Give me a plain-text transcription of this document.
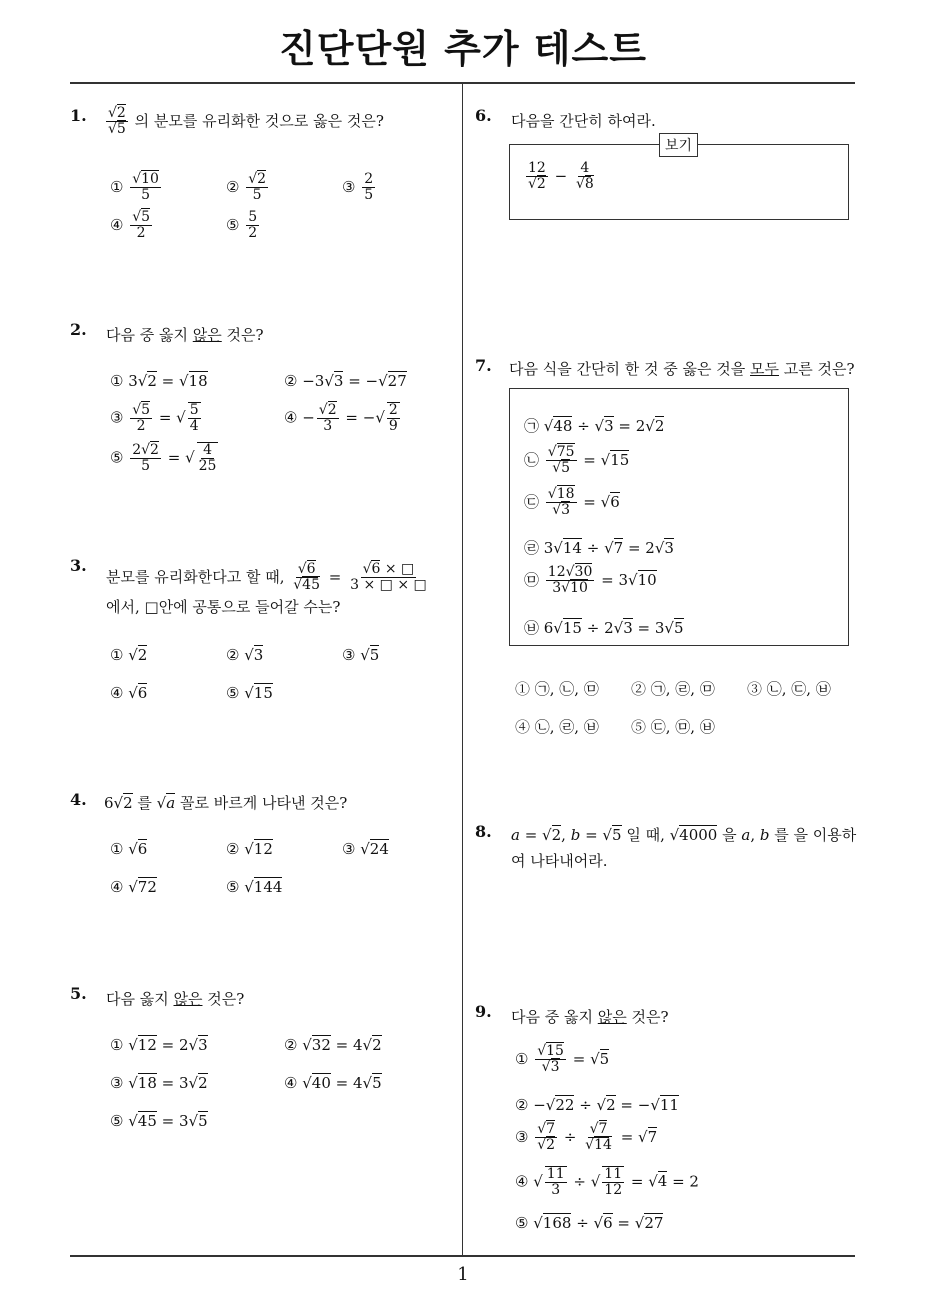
진단단원 추가 테스트
1
1. $\frac{√2}{√5}$ 의 분모를 유리화한 것으로 옳은 것은?
① $\frac{√10}{5}$	② $\frac{√2}{5}$	③ $\frac{2}{5}$
④ $\frac{√5}{2}$	⑤ $\frac{5}{2}$
2. 다음 중 옳지 않은 것은?
① 3√2 = √18	② −3√3 = −√27
③ $\frac{√5}{2}$ = √ $\frac{5}{4}$	④ − $\frac{√2}{3}$ = −√ $\frac{2}{9}$
⑤ $\frac{2√2}{5}$ = √ $\frac{4}{25}$
3.
분모를 유리화한다고 할 때, $\frac{√6}{√45} = \frac{√6 \times □}{3 \times □ \times □}$
에서, □안에 공통으로 들어갈 수는?
① √2	② √3	③ √5
④ √6	⑤ √15
4. 6√2 를 √a 꼴로 바르게 나타낸 것은?
① √6	② √12	③ √24
④ √72	⑤ √144
5. 다음 옳지 않은 것은?
① √12 = 2√3	② √32 = 4√2
③ √18 = 3√2	④ √40 = 4√5
⑤ √45 = 3√5
6. 다음을 간단히 하여라.
$\frac{12}{√2} - \frac{4}{√8}$
보기
7. 다음 식을 간단히 한 것 중 옳은 것을 모두 고른 것은?
㉠ √48 ÷ √3 = 2√2
㉡ $\frac{√75}{√5} = √15$
㉢ $\frac{√18}{√3} = √6$
㉣ 3√14 ÷ √7 = 2√3
㉤ $\frac{12√30}{3√10} = 3√10$
㉥ 6√15 ÷ 2√3 = 3√5
① ㉠, ㉡, ㉤ ② ㉠, ㉣, ㉤ ③ ㉡, ㉢, ㉥
④ ㉡, ㉣, ㉥ ⑤ ㉢, ㉤, ㉥
8. a = √2, b = √5 일 때, √4000 을 a, b 를 을 이용하여 나타내어라.
9. 다음 중 옳지 않은 것은?
① $\frac{√15}{√3} = √5$
② −√22 ÷ √2 = −√11
③ $\frac{√7}{√2} \div \frac{√7}{√14} = √7$
④ √ $\frac{11}{3}$ ÷ √ $\frac{11}{12} = √4 = 2$
⑤ √168 ÷ √6 = √27
